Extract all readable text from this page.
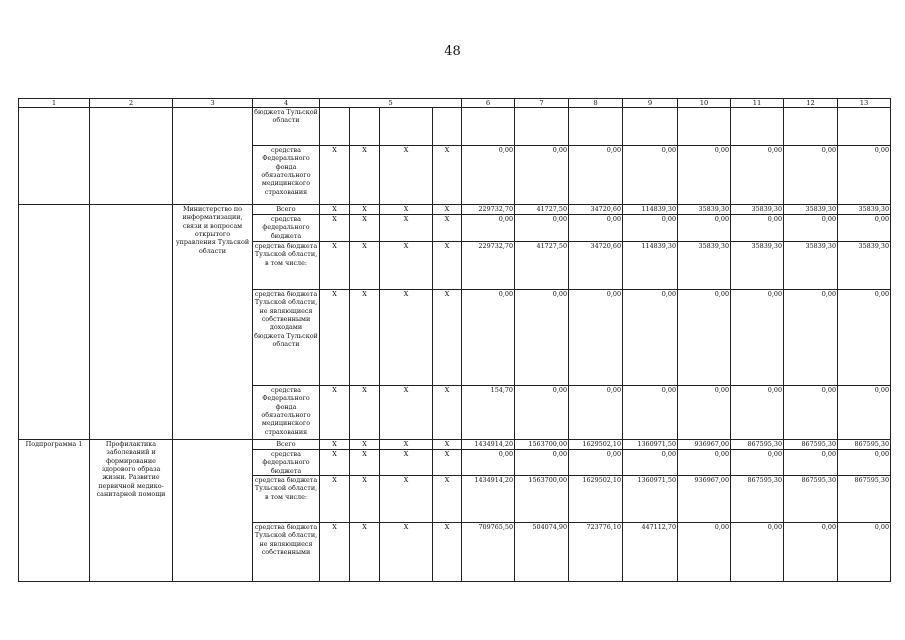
48
1	2	3	4	5				6	7	8	9	10	11	12	13
			бюджета Тульской области												
			средства Федерального фонда обязательного медицинского страхования	X	X	X	X	0,00	0,00	0,00	0,00	0,00	0,00	0,00	0,00
		Министерство по информатизации, связи и вопросам открытого управления Тульской области	Всего	X	X	X	X	229732,70	41727,50	34720,60	114839,30	35839,30	35839,30	35839,30	35839,30
			средства федерального бюджета	X	X	X	X	0,00	0,00	0,00	0,00	0,00	0,00	0,00	0,00
			средства бюджета Тульской области, в том числе:	X	X	X	X	229732,70	41727,50	34720,60	114839,30	35839,30	35839,30	35839,30	35839,30
			средства бюджета Тульской области, не являющиеся собственными доходами бюджета Тульской области	X	X	X	X	0,00	0,00	0,00	0,00	0,00	0,00	0,00	0,00
			средства Федерального фонда обязательного медицинского страхования	X	X	X	X	154,70	0,00	0,00	0,00	0,00	0,00	0,00	0,00
Подпрограмма 1	Профилактика заболеваний и формирование здорового образа жизни. Развитие первичной медико-санитарной помощи		Всего	X	X	X	X	1434914,20	1563700,00	1629502,10	1360971,50	936967,00	867595,30	867595,30	867595,30
			средства федерального бюджета	X	X	X	X	0,00	0,00	0,00	0,00	0,00	0,00	0,00	0,00
			средства бюджета Тульской области, в том числе:	X	X	X	X	1434914,20	1563700,00	1629502,10	1360971,50	936967,00	867595,30	867595,30	867595,30
			средства бюджета Тульской области, не являющиеся собственными	X	X	X	X	709765,50	504074,90	723776,10	447112,70	0,00	0,00	0,00	0,00
